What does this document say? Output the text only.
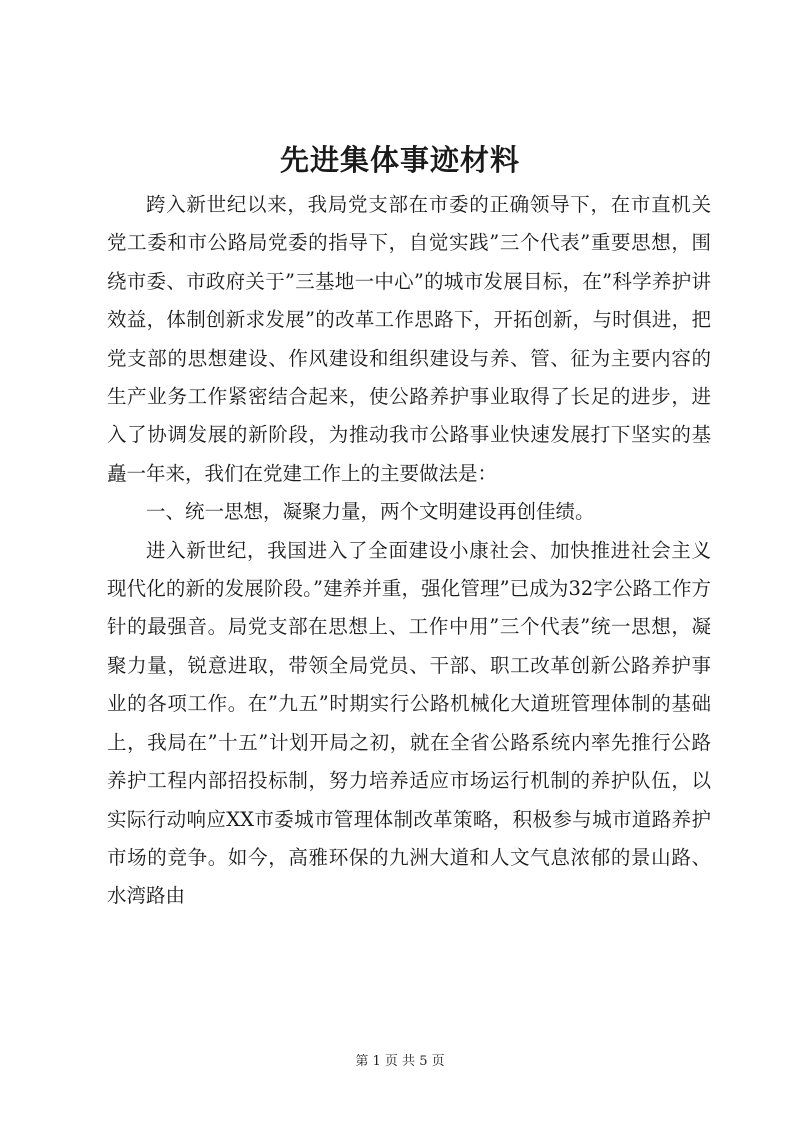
先进集体事迹材料

跨入新世纪以来，我局党支部在市委的正确领导下，在市直机关党工委和市公路局党委的指导下，自觉实践”三个代表”重要思想，围绕市委、市政府关于”三基地一中心”的城市发展目标，在”科学养护讲效益，体制创新求发展”的改革工作思路下，开拓创新，与时俱进，把党支部的思想建设、作风建设和组织建设与养、管、征为主要内容的生产业务工作紧密结合起来，使公路养护事业取得了长足的进步，进入了协调发展的新阶段，为推动我市公路事业快速发展打下坚实的基矗一年来，我们在党建工作上的主要做法是：

一、统一思想，凝聚力量，两个文明建设再创佳绩。

进入新世纪，我国进入了全面建设小康社会、加快推进社会主义现代化的新的发展阶段。”建养并重，强化管理”已成为32字公路工作方针的最强音。局党支部在思想上、工作中用”三个代表”统一思想，凝聚力量，锐意进取，带领全局党员、干部、职工改革创新公路养护事业的各项工作。在”九五”时期实行公路机械化大道班管理体制的基础上，我局在”十五”计划开局之初，就在全省公路系统内率先推行公路养护工程内部招投标制，努力培养适应市场运行机制的养护队伍，以实际行动响应XX市委城市管理体制改革策略，积极参与城市道路养护市场的竞争。如今，高雅环保的九洲大道和人文气息浓郁的景山路、水湾路由

第 1 页 共 5 页
